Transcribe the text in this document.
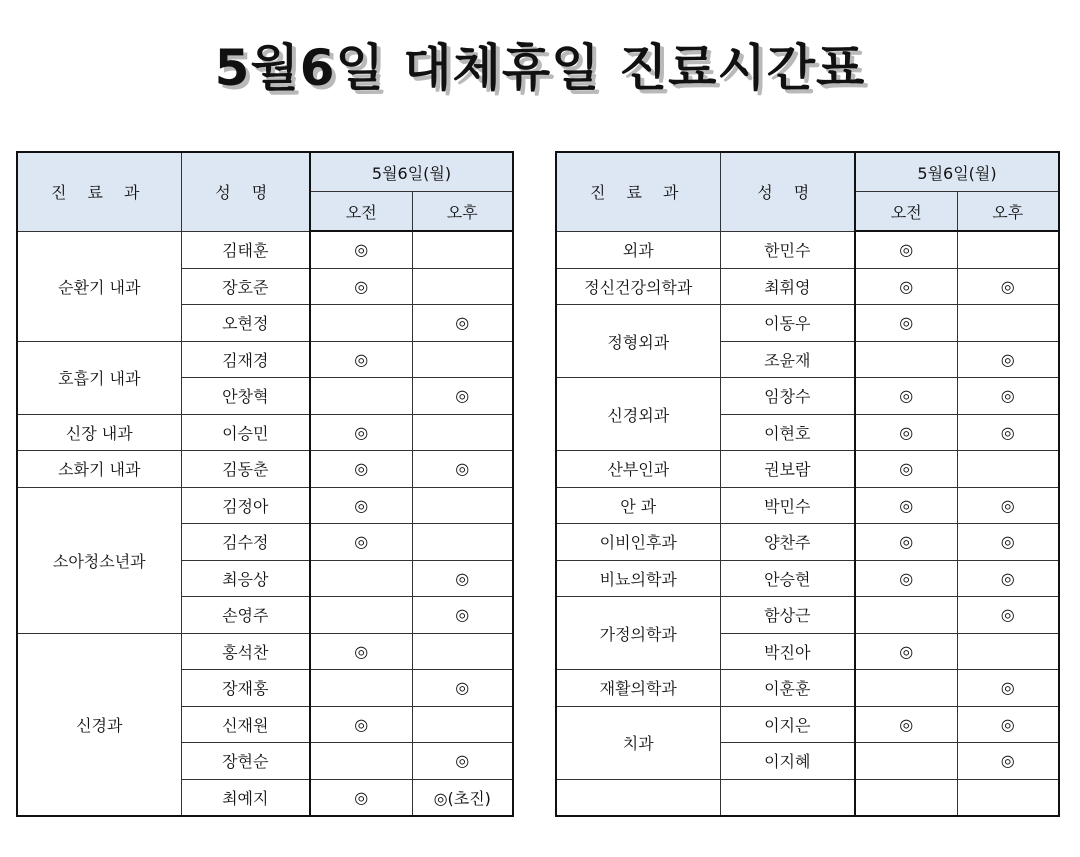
5월6일 대체휴일 진료시간표
진 료 과	성 명	5월6일(월)	
		오전	오후
순환기 내과	김태훈	◎	
	장호준	◎	
	오현정		◎
호흡기 내과	김재경	◎	
	안창혁		◎
신장 내과	이승민	◎	
소화기 내과	김동춘	◎	◎
소아청소년과	김정아	◎	
	김수정	◎	
	최응상		◎
	손영주		◎
신경과	홍석찬	◎	
	장재홍		◎
	신재원	◎	
	장현순		◎
	최예지	◎	◎(초진)
진 료 과	성 명	5월6일(월)	
		오전	오후
외과	한민수	◎	
정신건강의학과	최휘영	◎	◎
정형외과	이동우	◎	
	조윤재		◎
신경외과	임창수	◎	◎
	이현호	◎	◎
산부인과	권보람	◎	
안 과	박민수	◎	◎
이비인후과	양찬주	◎	◎
비뇨의학과	안승현	◎	◎
가정의학과	함상근		◎
	박진아	◎	
재활의학과	이훈훈		◎
치과	이지은	◎	◎
	이지혜		◎
